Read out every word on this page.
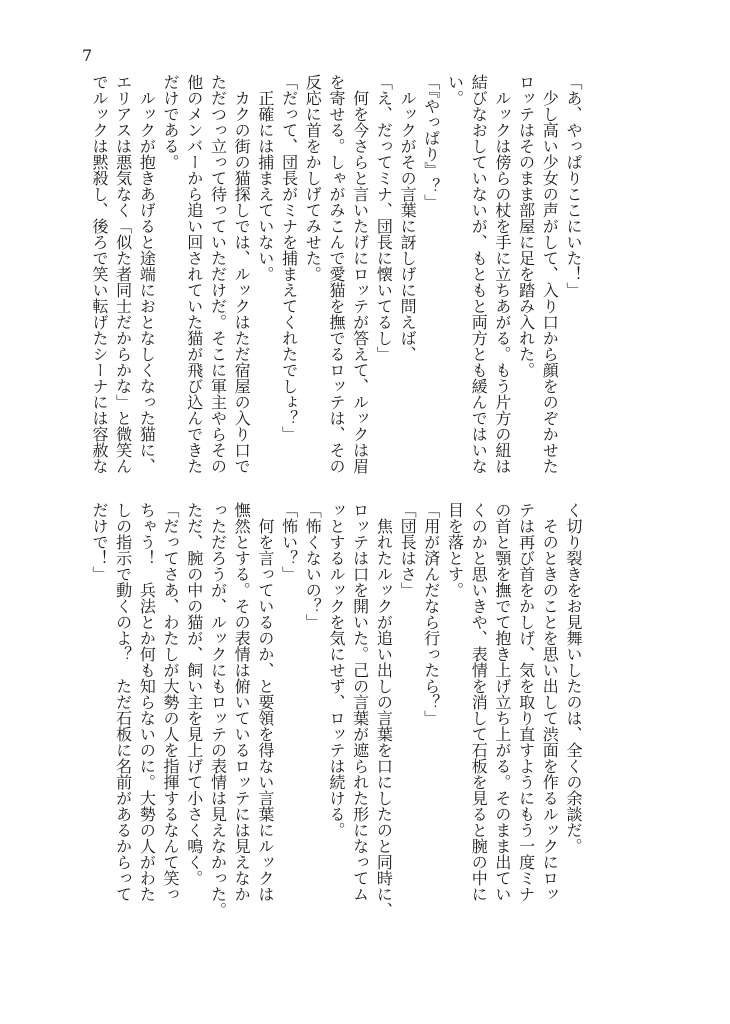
7
「あ、やっぱりここにいた！」
　少し高い少女の声がして、入り口から顔をのぞかせた
ロッテはそのまま部屋に足を踏み入れた。
　ルックは傍らの杖を手に立ちあがる。もう片方の紐は
結びなおしていないが、もともと両方とも緩んではいな
い。
「『やっぱり』？」
　ルックがその言葉に訝しげに問えば、
「え、だってミナ、団長に懐いてるし」
　何を今さらと言いたげにロッテが答えて、ルックは眉
を寄せる。しゃがみこんで愛猫を撫でるロッテは、その
反応に首をかしげてみせた。
「だって、団長がミナを捕まえてくれたでしょ？」
　正確には捕まえていない。
　カクの街の猫探しでは、ルックはただ宿屋の入り口で
ただつっ立って待っていただけだ。そこに軍主やらその
他のメンバーから追い回されていた猫が飛び込んできた
だけである。
　ルックが抱きあげると途端におとなしくなった猫に、
エリアスは悪気なく「似た者同士だからかな」と微笑ん
でルックは黙殺し、後ろで笑い転げたシーナには容赦な
く切り裂きをお見舞いしたのは、全くの余談だ。
　そのときのことを思い出して渋面を作るルックにロッ
テは再び首をかしげ、気を取り直すようにもう一度ミナ
の首と顎を撫でて抱き上げ立ち上がる。そのまま出てい
くのかと思いきや、表情を消して石板を見ると腕の中に
目を落とす。
「用が済んだなら行ったら？」
「団長はさ」
　焦れたルックが追い出しの言葉を口にしたのと同時に、
ロッテは口を開いた。己の言葉が遮られた形になってム
ッとするルックを気にせず、ロッテは続ける。
「怖くないの？」
「怖い？」
　何を言っているのか、と要領を得ない言葉にルックは
憮然とする。その表情は俯いているロッテには見えなか
っただろうが、ルックにもロッテの表情は見えなかった。
ただ、腕の中の猫が、飼い主を見上げて小さく鳴く。
「だってさあ、わたしが大勢の人を指揮するなんて笑っ
ちゃう！　兵法とか何も知らないのに。大勢の人がわた
しの指示で動くのよ？　ただ石板に名前があるからって
だけで！」
